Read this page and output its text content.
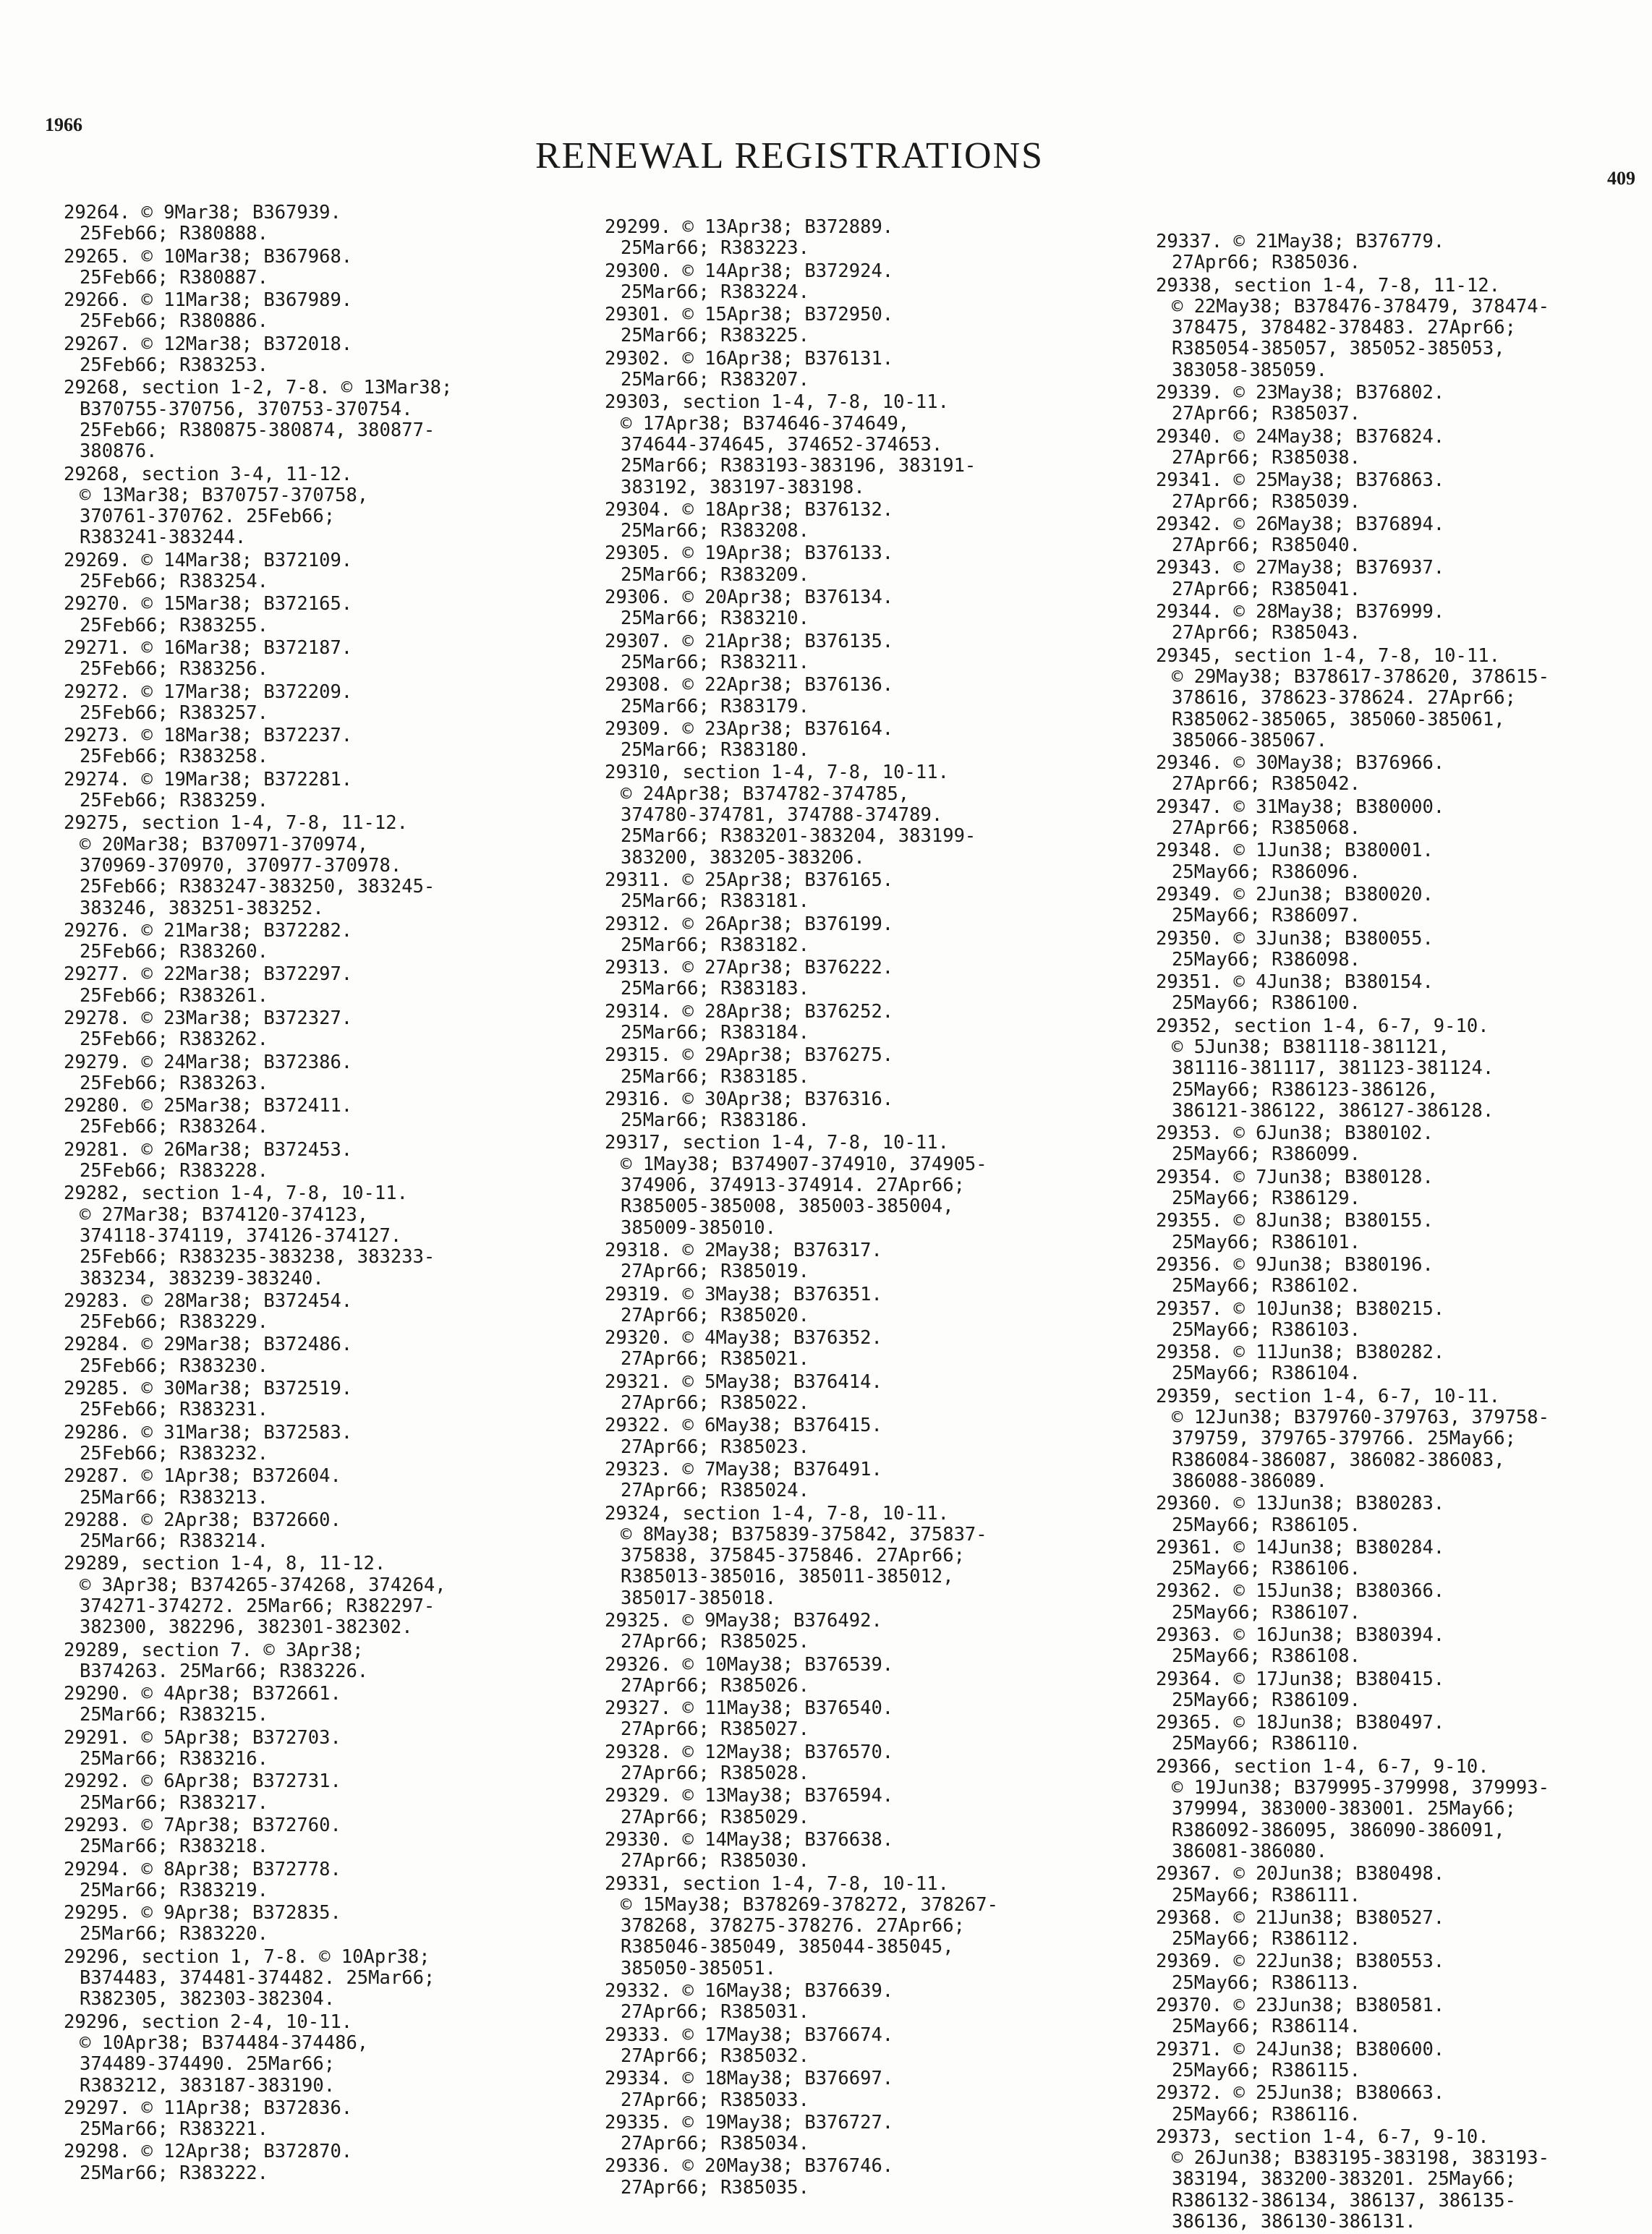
1966
RENEWAL REGISTRATIONS
409
29264. © 9Mar38; B367939.
25Feb66; R380888.
29265. © 10Mar38; B367968.
25Feb66; R380887.
29266. © 11Mar38; B367989.
25Feb66; R380886.
29267. © 12Mar38; B372018.
25Feb66; R383253.
29268, section 1-2, 7-8. © 13Mar38;
B370755-370756, 370753-370754.
25Feb66; R380875-380874, 380877-
380876.
29268, section 3-4, 11-12.
© 13Mar38; B370757-370758,
370761-370762. 25Feb66;
R383241-383244.
29269. © 14Mar38; B372109.
25Feb66; R383254.
29270. © 15Mar38; B372165.
25Feb66; R383255.
29271. © 16Mar38; B372187.
25Feb66; R383256.
29272. © 17Mar38; B372209.
25Feb66; R383257.
29273. © 18Mar38; B372237.
25Feb66; R383258.
29274. © 19Mar38; B372281.
25Feb66; R383259.
29275, section 1-4, 7-8, 11-12.
© 20Mar38; B370971-370974,
370969-370970, 370977-370978.
25Feb66; R383247-383250, 383245-
383246, 383251-383252.
29276. © 21Mar38; B372282.
25Feb66; R383260.
29277. © 22Mar38; B372297.
25Feb66; R383261.
29278. © 23Mar38; B372327.
25Feb66; R383262.
29279. © 24Mar38; B372386.
25Feb66; R383263.
29280. © 25Mar38; B372411.
25Feb66; R383264.
29281. © 26Mar38; B372453.
25Feb66; R383228.
29282, section 1-4, 7-8, 10-11.
© 27Mar38; B374120-374123,
374118-374119, 374126-374127.
25Feb66; R383235-383238, 383233-
383234, 383239-383240.
29283. © 28Mar38; B372454.
25Feb66; R383229.
29284. © 29Mar38; B372486.
25Feb66; R383230.
29285. © 30Mar38; B372519.
25Feb66; R383231.
29286. © 31Mar38; B372583.
25Feb66; R383232.
29287. © 1Apr38; B372604.
25Mar66; R383213.
29288. © 2Apr38; B372660.
25Mar66; R383214.
29289, section 1-4, 8, 11-12.
© 3Apr38; B374265-374268, 374264,
374271-374272. 25Mar66; R382297-
382300, 382296, 382301-382302.
29289, section 7. © 3Apr38;
B374263. 25Mar66; R383226.
29290. © 4Apr38; B372661.
25Mar66; R383215.
29291. © 5Apr38; B372703.
25Mar66; R383216.
29292. © 6Apr38; B372731.
25Mar66; R383217.
29293. © 7Apr38; B372760.
25Mar66; R383218.
29294. © 8Apr38; B372778.
25Mar66; R383219.
29295. © 9Apr38; B372835.
25Mar66; R383220.
29296, section 1, 7-8. © 10Apr38;
B374483, 374481-374482. 25Mar66;
R382305, 382303-382304.
29296, section 2-4, 10-11.
© 10Apr38; B374484-374486,
374489-374490. 25Mar66;
R383212, 383187-383190.
29297. © 11Apr38; B372836.
25Mar66; R383221.
29298. © 12Apr38; B372870.
25Mar66; R383222.
29299. © 13Apr38; B372889.
25Mar66; R383223.
29300. © 14Apr38; B372924.
25Mar66; R383224.
29301. © 15Apr38; B372950.
25Mar66; R383225.
29302. © 16Apr38; B376131.
25Mar66; R383207.
29303, section 1-4, 7-8, 10-11.
© 17Apr38; B374646-374649,
374644-374645, 374652-374653.
25Mar66; R383193-383196, 383191-
383192, 383197-383198.
29304. © 18Apr38; B376132.
25Mar66; R383208.
29305. © 19Apr38; B376133.
25Mar66; R383209.
29306. © 20Apr38; B376134.
25Mar66; R383210.
29307. © 21Apr38; B376135.
25Mar66; R383211.
29308. © 22Apr38; B376136.
25Mar66; R383179.
29309. © 23Apr38; B376164.
25Mar66; R383180.
29310, section 1-4, 7-8, 10-11.
© 24Apr38; B374782-374785,
374780-374781, 374788-374789.
25Mar66; R383201-383204, 383199-
383200, 383205-383206.
29311. © 25Apr38; B376165.
25Mar66; R383181.
29312. © 26Apr38; B376199.
25Mar66; R383182.
29313. © 27Apr38; B376222.
25Mar66; R383183.
29314. © 28Apr38; B376252.
25Mar66; R383184.
29315. © 29Apr38; B376275.
25Mar66; R383185.
29316. © 30Apr38; B376316.
25Mar66; R383186.
29317, section 1-4, 7-8, 10-11.
© 1May38; B374907-374910, 374905-
374906, 374913-374914. 27Apr66;
R385005-385008, 385003-385004,
385009-385010.
29318. © 2May38; B376317.
27Apr66; R385019.
29319. © 3May38; B376351.
27Apr66; R385020.
29320. © 4May38; B376352.
27Apr66; R385021.
29321. © 5May38; B376414.
27Apr66; R385022.
29322. © 6May38; B376415.
27Apr66; R385023.
29323. © 7May38; B376491.
27Apr66; R385024.
29324, section 1-4, 7-8, 10-11.
© 8May38; B375839-375842, 375837-
375838, 375845-375846. 27Apr66;
R385013-385016, 385011-385012,
385017-385018.
29325. © 9May38; B376492.
27Apr66; R385025.
29326. © 10May38; B376539.
27Apr66; R385026.
29327. © 11May38; B376540.
27Apr66; R385027.
29328. © 12May38; B376570.
27Apr66; R385028.
29329. © 13May38; B376594.
27Apr66; R385029.
29330. © 14May38; B376638.
27Apr66; R385030.
29331, section 1-4, 7-8, 10-11.
© 15May38; B378269-378272, 378267-
378268, 378275-378276. 27Apr66;
R385046-385049, 385044-385045,
385050-385051.
29332. © 16May38; B376639.
27Apr66; R385031.
29333. © 17May38; B376674.
27Apr66; R385032.
29334. © 18May38; B376697.
27Apr66; R385033.
29335. © 19May38; B376727.
27Apr66; R385034.
29336. © 20May38; B376746.
27Apr66; R385035.
29337. © 21May38; B376779.
27Apr66; R385036.
29338, section 1-4, 7-8, 11-12.
© 22May38; B378476-378479, 378474-
378475, 378482-378483. 27Apr66;
R385054-385057, 385052-385053,
383058-385059.
29339. © 23May38; B376802.
27Apr66; R385037.
29340. © 24May38; B376824.
27Apr66; R385038.
29341. © 25May38; B376863.
27Apr66; R385039.
29342. © 26May38; B376894.
27Apr66; R385040.
29343. © 27May38; B376937.
27Apr66; R385041.
29344. © 28May38; B376999.
27Apr66; R385043.
29345, section 1-4, 7-8, 10-11.
© 29May38; B378617-378620, 378615-
378616, 378623-378624. 27Apr66;
R385062-385065, 385060-385061,
385066-385067.
29346. © 30May38; B376966.
27Apr66; R385042.
29347. © 31May38; B380000.
27Apr66; R385068.
29348. © 1Jun38; B380001.
25May66; R386096.
29349. © 2Jun38; B380020.
25May66; R386097.
29350. © 3Jun38; B380055.
25May66; R386098.
29351. © 4Jun38; B380154.
25May66; R386100.
29352, section 1-4, 6-7, 9-10.
© 5Jun38; B381118-381121,
381116-381117, 381123-381124.
25May66; R386123-386126,
386121-386122, 386127-386128.
29353. © 6Jun38; B380102.
25May66; R386099.
29354. © 7Jun38; B380128.
25May66; R386129.
29355. © 8Jun38; B380155.
25May66; R386101.
29356. © 9Jun38; B380196.
25May66; R386102.
29357. © 10Jun38; B380215.
25May66; R386103.
29358. © 11Jun38; B380282.
25May66; R386104.
29359, section 1-4, 6-7, 10-11.
© 12Jun38; B379760-379763, 379758-
379759, 379765-379766. 25May66;
R386084-386087, 386082-386083,
386088-386089.
29360. © 13Jun38; B380283.
25May66; R386105.
29361. © 14Jun38; B380284.
25May66; R386106.
29362. © 15Jun38; B380366.
25May66; R386107.
29363. © 16Jun38; B380394.
25May66; R386108.
29364. © 17Jun38; B380415.
25May66; R386109.
29365. © 18Jun38; B380497.
25May66; R386110.
29366, section 1-4, 6-7, 9-10.
© 19Jun38; B379995-379998, 379993-
379994, 383000-383001. 25May66;
R386092-386095, 386090-386091,
386081-386080.
29367. © 20Jun38; B380498.
25May66; R386111.
29368. © 21Jun38; B380527.
25May66; R386112.
29369. © 22Jun38; B380553.
25May66; R386113.
29370. © 23Jun38; B380581.
25May66; R386114.
29371. © 24Jun38; B380600.
25May66; R386115.
29372. © 25Jun38; B380663.
25May66; R386116.
29373, section 1-4, 6-7, 9-10.
© 26Jun38; B383195-383198, 383193-
383194, 383200-383201. 25May66;
R386132-386134, 386137, 386135-
386136, 386130-386131.
